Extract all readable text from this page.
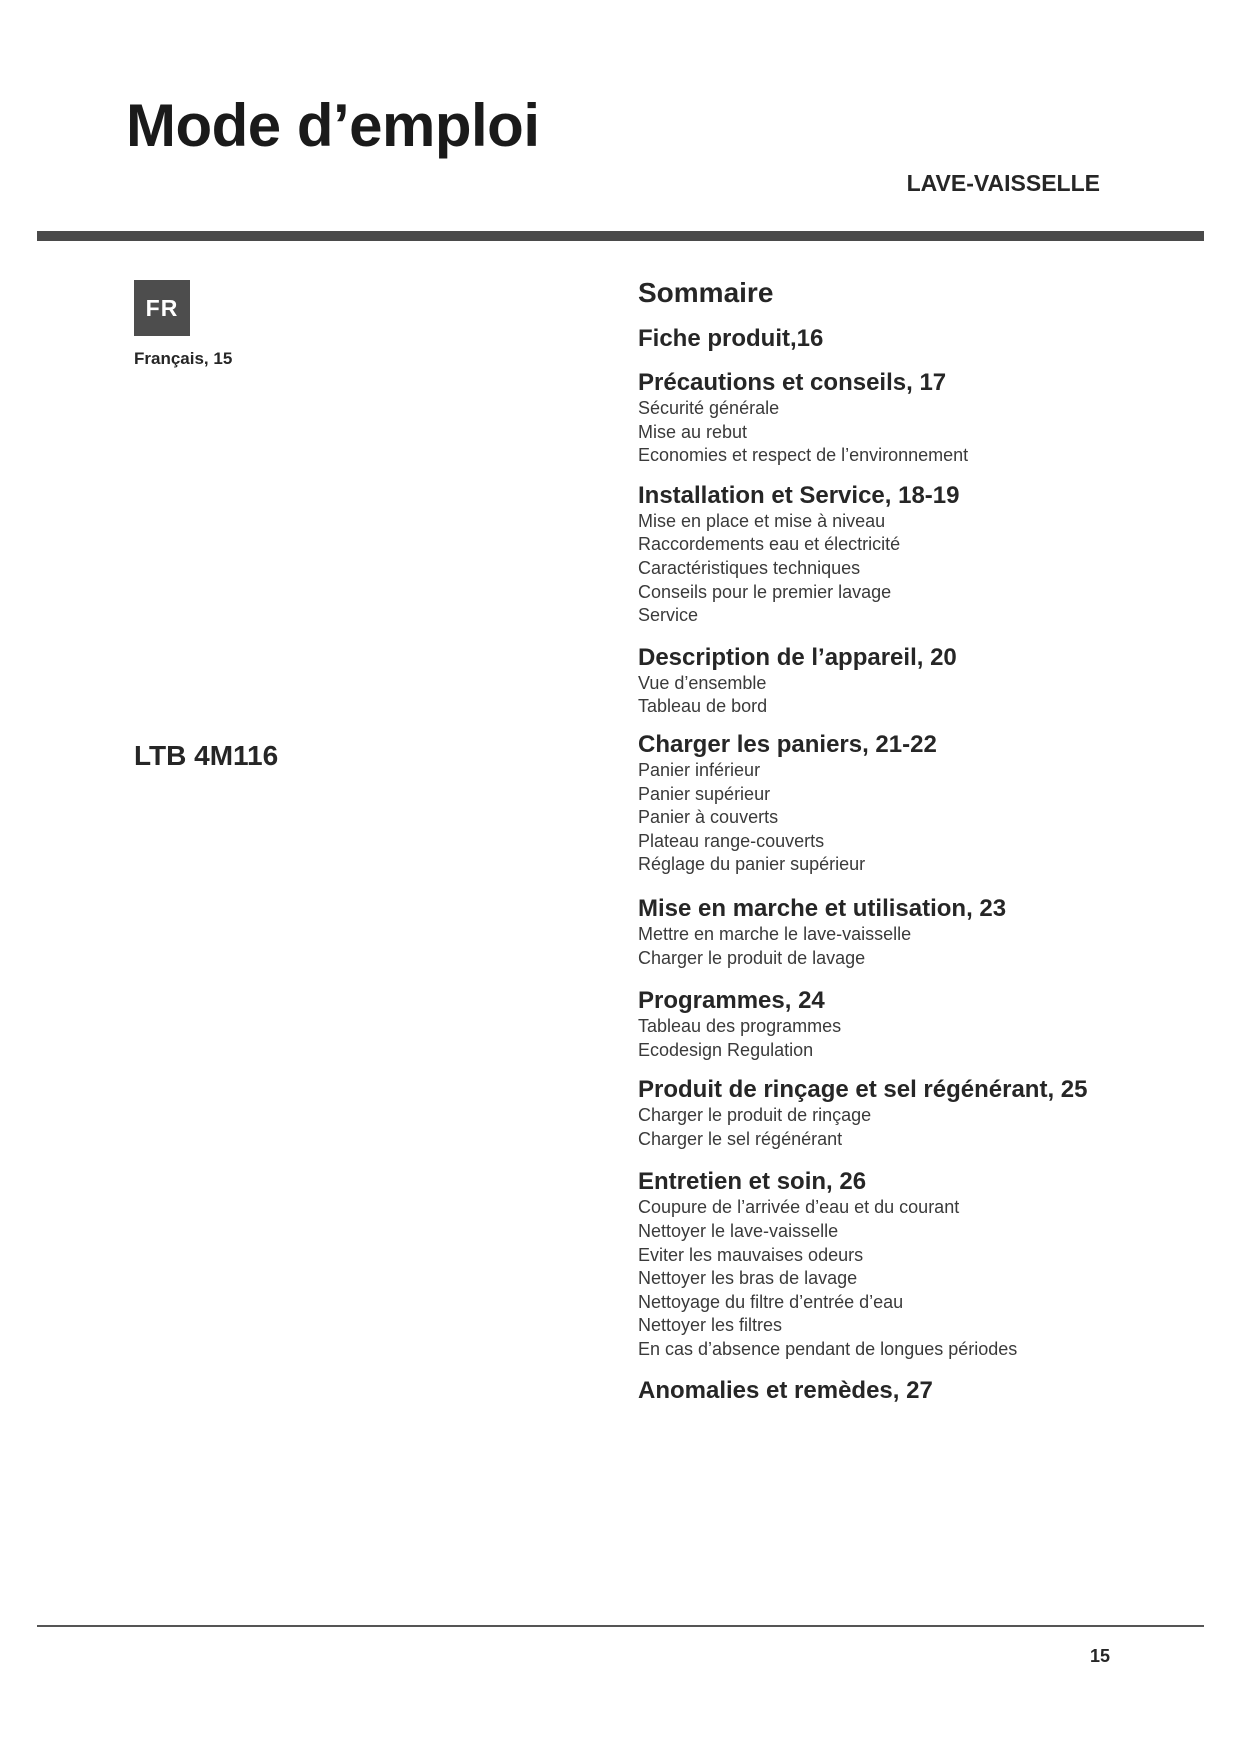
Mode d’emploi
LAVE-VAISSELLE
FR
Français, 15
LTB 4M116
Sommaire
Fiche produit,16
Précautions et conseils, 17
Sécurité générale
Mise au rebut
Economies et respect de l’environnement
Installation et Service, 18-19
Mise en place et mise à niveau
Raccordements eau et électricité
Caractéristiques techniques
Conseils pour le premier lavage
Service
Description de l’appareil, 20
Vue d’ensemble
Tableau de bord
Charger les paniers, 21-22
Panier inférieur
Panier supérieur
Panier à couverts
Plateau range-couverts
Réglage du panier supérieur
Mise en marche et utilisation, 23
Mettre en marche le lave-vaisselle
Charger le produit de lavage
Programmes, 24
Tableau des programmes
Ecodesign Regulation
Produit de rinçage et sel régénérant, 25
Charger le produit de rinçage
Charger le sel régénérant
Entretien et soin, 26
Coupure de l’arrivée d’eau et du courant
Nettoyer le lave-vaisselle
Eviter les mauvaises odeurs
Nettoyer les bras de lavage
Nettoyage du filtre d’entrée d’eau
Nettoyer les filtres
En cas d’absence pendant de longues périodes
Anomalies et remèdes, 27
15
